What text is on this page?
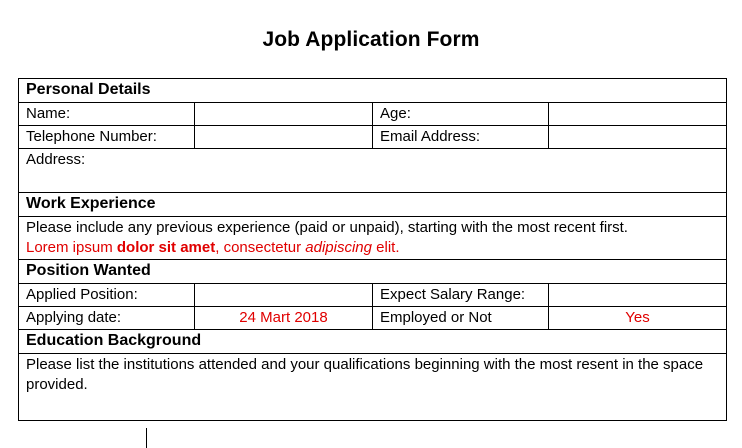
Job Application Form
Personal Details			
Name:		Age:	
Telephone Number:		Email Address:	
Address:			
Work Experience			

Please include any previous experience (paid or unpaid), starting with the most recent first.
Lorem ipsum dolor sit amet, consectetur adipiscing elit.			

Position Wanted			
Applied Position:		Expect Salary Range:	
Applying date:	24 Mart 2018	Employed or Not	Yes
Education Background			
Please list the institutions attended and your qualifications beginning with the most resent in the space provided.			
